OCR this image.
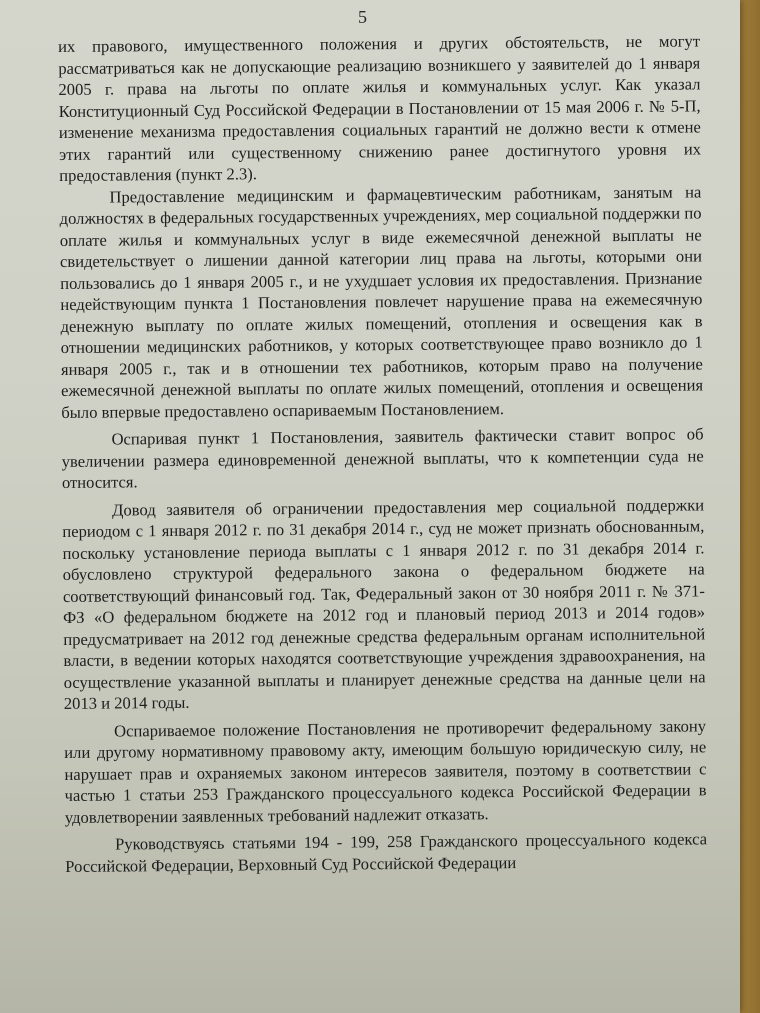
5

их правового, имущественного положения и других обстоятельств, не могут рассматриваться как не допускающие реализацию возникшего у заявителей до 1 января 2005 г. права на льготы по оплате жилья и коммунальных услуг. Как указал Конституционный Суд Российской Федерации в Постановлении от 15 мая 2006 г. № 5-П, изменение механизма предоставления социальных гарантий не должно вести к отмене этих гарантий или существенному снижению ранее достигнутого уровня их предоставления (пункт 2.3).

Предоставление медицинским и фармацевтическим работникам, занятым на должностях в федеральных государственных учреждениях, мер социальной поддержки по оплате жилья и коммунальных услуг в виде ежемесячной денежной выплаты не свидетельствует о лишении данной категории лиц права на льготы, которыми они пользовались до 1 января 2005 г., и не ухудшает условия их предоставления. Признание недействующим пункта 1 Постановления повлечет нарушение права на ежемесячную денежную выплату по оплате жилых помещений, отопления и освещения как в отношении медицинских работников, у которых соответствующее право возникло до 1 января 2005 г., так и в отношении тех работников, которым право на получение ежемесячной денежной выплаты по оплате жилых помещений, отопления и освещения было впервые предоставлено оспариваемым Постановлением.

Оспаривая пункт 1 Постановления, заявитель фактически ставит вопрос об увеличении размера единовременной денежной выплаты, что к компетенции суда не относится.

Довод заявителя об ограничении предоставления мер социальной поддержки периодом с 1 января 2012 г. по 31 декабря 2014 г., суд не может признать обоснованным, поскольку установление периода выплаты с 1 января 2012 г. по 31 декабря 2014 г. обусловлено структурой федерального закона о федеральном бюджете на соответствующий финансовый год. Так, Федеральный закон от 30 ноября 2011 г. № 371-ФЗ «О федеральном бюджете на 2012 год и плановый период 2013 и 2014 годов» предусматривает на 2012 год денежные средства федеральным органам исполнительной власти, в ведении которых находятся соответствующие учреждения здравоохранения, на осуществление указанной выплаты и планирует денежные средства на данные цели на 2013 и 2014 годы.

Оспариваемое положение Постановления не противоречит федеральному закону или другому нормативному правовому акту, имеющим большую юридическую силу, не нарушает прав и охраняемых законом интересов заявителя, поэтому в соответствии с частью 1 статьи 253 Гражданского процессуального кодекса Российской Федерации в удовлетворении заявленных требований надлежит отказать.

Руководствуясь статьями 194 - 199, 258 Гражданского процессуального кодекса Российской Федерации, Верховный Суд Российской Федерации
